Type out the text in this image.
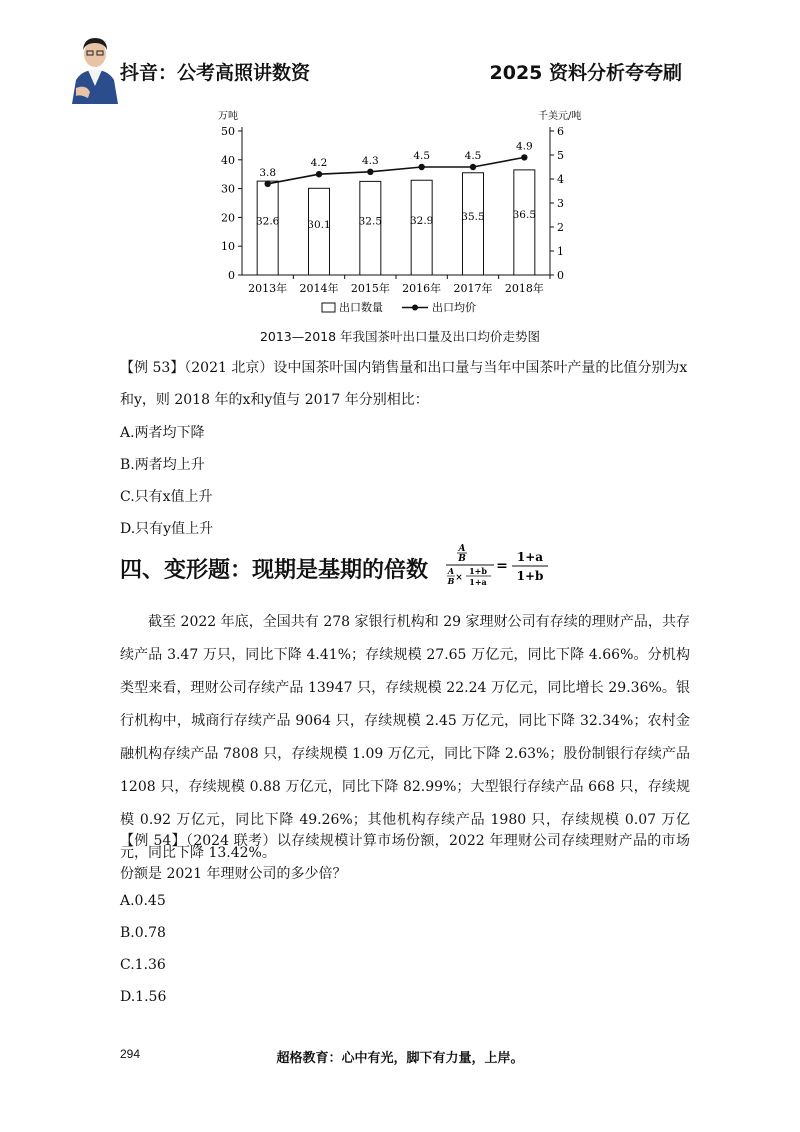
抖音：公考高照讲数资	2025 资料分析夸夸刷
0
10
20
30
40
50
0
1
2
3
4
5
6
万吨	千美元/吨
2013年 2014年 2015年 2016年 2017年 2018年
32.6	30.1	32.5	32.9	35.5	36.5
3.8
4.2	4.3	4.5	4.5
4.9
出口数量	出口均价
2013—2018 年我国茶叶出口量及出口均价走势图
【例 53】（2021 北京）设中国茶叶国内销售量和出口量与当年中国茶叶产量的比值分别为x
和y，则 2018 年的x和y值与 2017 年分别相比：
A.两者均下降
B.两者均上升
C.只有x值上升
D.只有y值上升
四、变形题：现期是基期的倍数
A
B
A
B ×
1+b
1+a
=
1+a
1+b
截至 2022 年底，全国共有 278 家银行机构和 29 家理财公司有存续的理财产品，共存续产品 3.47 万只，同比下降 4.41%；存续规模 27.65 万亿元，同比下降 4.66%。分机构类型来看，理财公司存续产品 13947 只，存续规模 22.24 万亿元，同比增长 29.36%。银行机构中，城商行存续产品 9064 只，存续规模 2.45 万亿元，同比下降 32.34%；农村金融机构存续产品 7808 只，存续规模 1.09 万亿元，同比下降 2.63%；股份制银行存续产品 1208 只，存续规模 0.88 万亿元，同比下降 82.99%；大型银行存续产品 668 只，存续规模 0.92 万亿元，同比下降 49.26%；其他机构存续产品 1980 只，存续规模 0.07 万亿元，同比下降 13.42%。
【例 54】（2024 联考）以存续规模计算市场份额，2022 年理财公司存续理财产品的市场份额是 2021 年理财公司的多少倍？
A.0.45
B.0.78
C.1.36
D.1.56
294	超格教育：心中有光，脚下有力量，上岸。
